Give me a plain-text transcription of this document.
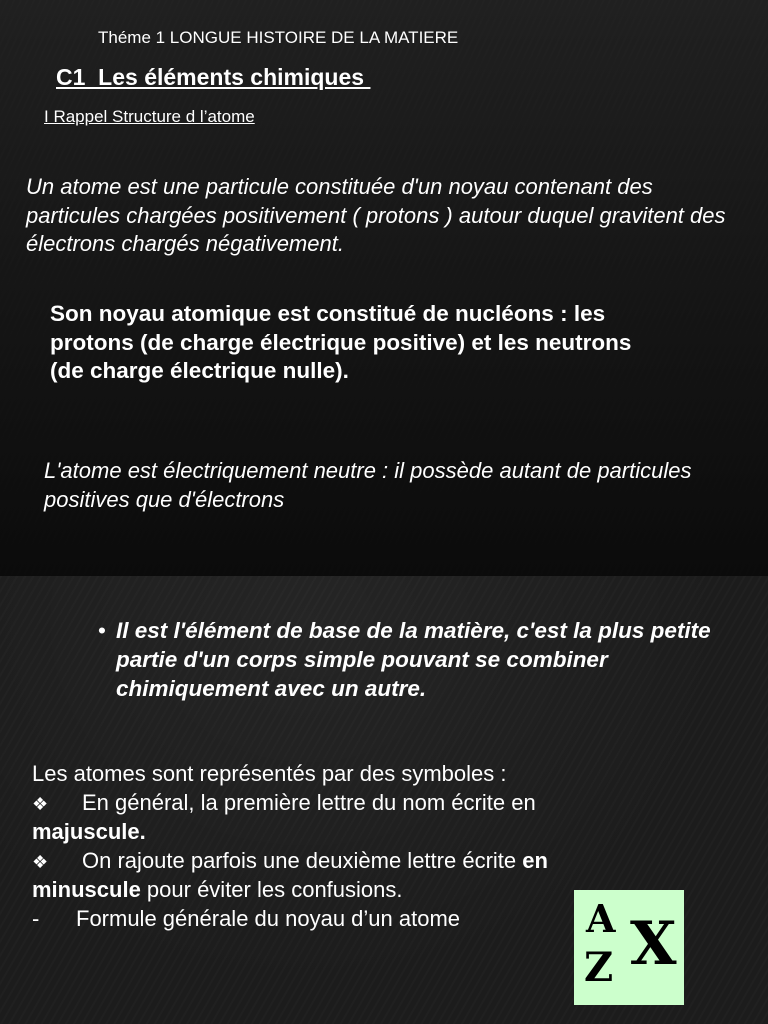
Théme 1 LONGUE HISTOIRE DE LA MATIERE

C1  Les éléments chimiques

I Rappel Structure d l’atome

Un atome est une particule constituée d'un noyau contenant des particules chargées positivement ( protons ) autour duquel gravitent des électrons chargés négativement.

Son noyau atomique est constitué de nucléons : les protons (de charge électrique positive) et les neutrons (de charge électrique nulle).

L'atome est électriquement neutre : il possède autant de particules positives que d'électrons

• Il est l'élément de base de la matière, c'est la plus petite partie d'un corps simple pouvant se combiner chimiquement avec un autre.
Les atomes sont représentés par des symboles :
❖ En général, la première lettre du nom écrite en majuscule.
❖ On rajoute parfois une deuxième lettre écrite en minuscule pour éviter les confusions.
- Formule générale du noyau d’un atome	A
Z X
